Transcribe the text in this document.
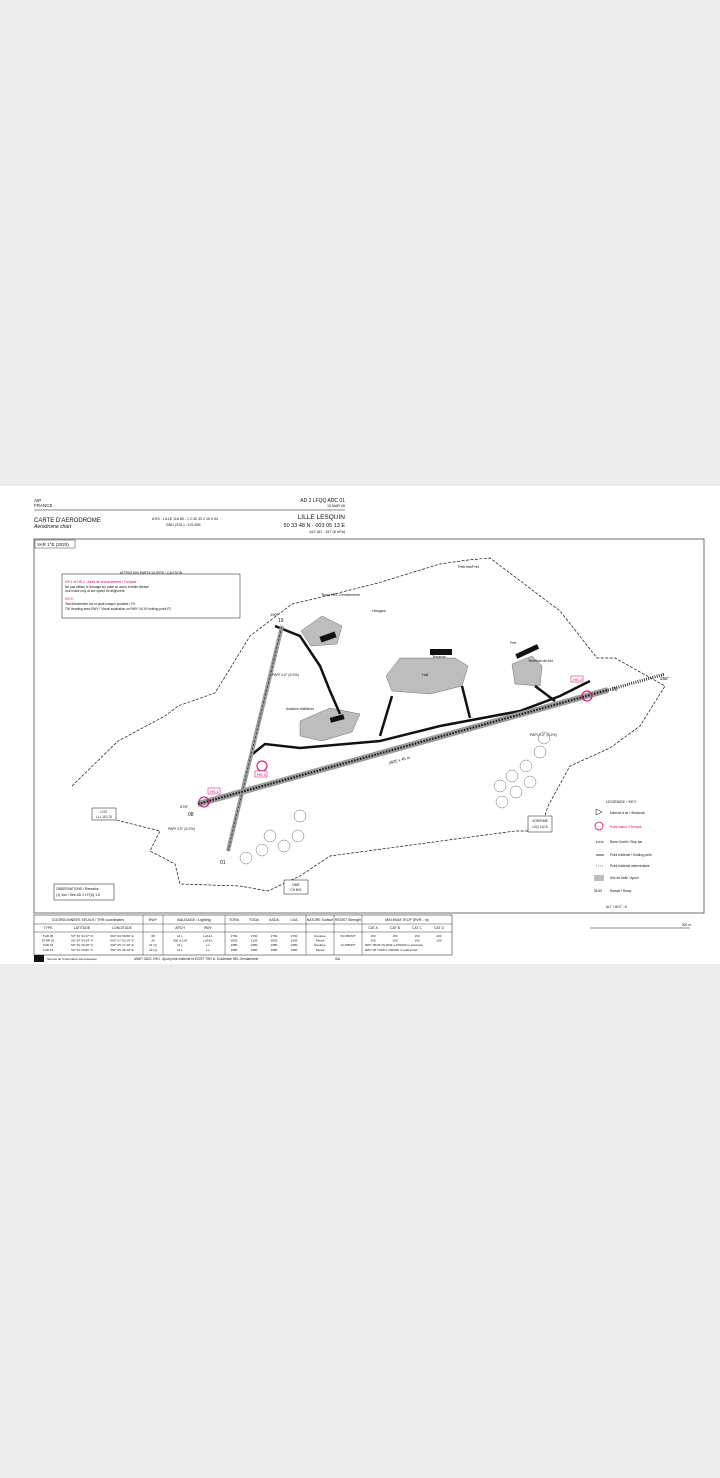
AIP
FRANCE
CARTE D'AERODROME
Aerodrome chart
ATIS : LILLE 118.80 - 1 2.30 33 2 15 5 54
GND (SOL) : 121.655
AD 2 LFQQ ADC 01
15 MAR 06
LILLE LESQUIN
50 33 48 N - 003 05 13 E
ALT AD : 157 (6 hPa)
VAR 1°E (2020)
ATTENTION PARTICULIERE / CAUTION
HS 1 et HS 2 : Aires de retournement / Turnpad
Ne pas utiliser le freinage sur piste ou avion à faible vitesse
Use brake only at low speed for alignment
HS 3 :
Taxi directement sur la piste lorsque possible / FS
TW Heading avec RWY / Visual evaluation on RWY 01/19 Holding point P2
HS 1
HS 3
HS 2
Base HEL Gendarmerie
Hangars
Petit fret/Fret
Terrasse
Fret
Terminal de fret
Hall
Aviation d'affaires
2825 x 45 m
PAPI 3.0° (5.2%)
PAPI 3.0° (5.2%)
PAPI 3.0° (5.2%)
26
08
01
19
258°
078°
190°
LOC
I-LL 110.70
VOR/DME
LSQ 112.8
DME
CH 80X
OBSERVATIONS / Remarks :
(1) Voir / See AD 2 LFQQ 1.6
LEGENDE / KEY
Manche à air / Windsock
Point chaud / Hot spot
Barre d'arrêt / Stop bar
Point d'attente / Holding point
Point d'attente intermédiaire
Aire de trafic / Apron
55 55	Rampe / Ramp
ALT / HGT : ft
500 m
COORDONNEES SEUILS / THR coordinates	RWY	BALISAGE / Lighting	TORA	TODA	ASDA	LDA	NATURE Surface RESIST Strength	MIN MUM TKOF (RVR - m)
TYPE	LATITUDE	LONGITUDE	APCH	RWY	CAT A	CAT B	CAT C	CAT D
THR 08	50° 33' 34.37" N	003° 04' 09.80" E	08	HI L	Lo/HI.L	2760	2760	2760	2760	Revêtue	54 F/B/W/T	150	150	150	200
DTHR 26	50° 34' 04.54" N	003° 07' 03.14" E	26	900 m LIH	Lo/HI.L	2825	3125	2825	2545	Paved	150	150	150	200
THR 01	50° 33' 39.39" N	003° 05' 17.40" E	01 (1)	HI L	L L	1580	1580	1580	1580	Revêtue	12 F/B/W/T
THR 19	50° 34' 20.81" N	003° 05' 38.10" E	19 (1)	HI L	L L	1580	1580	1580	1580	Paved
RWY 08/26 TO RVR ≥ 150/200 m autorisée
RWY 08 / RVR ≥ 150/200 m authorized
Service de l'Information Aéronautique	AMDT 03/21 CHG : Ajout point d'attente et ECRIT TWY A. Si adresse HEL Gendarmerie	SIA
